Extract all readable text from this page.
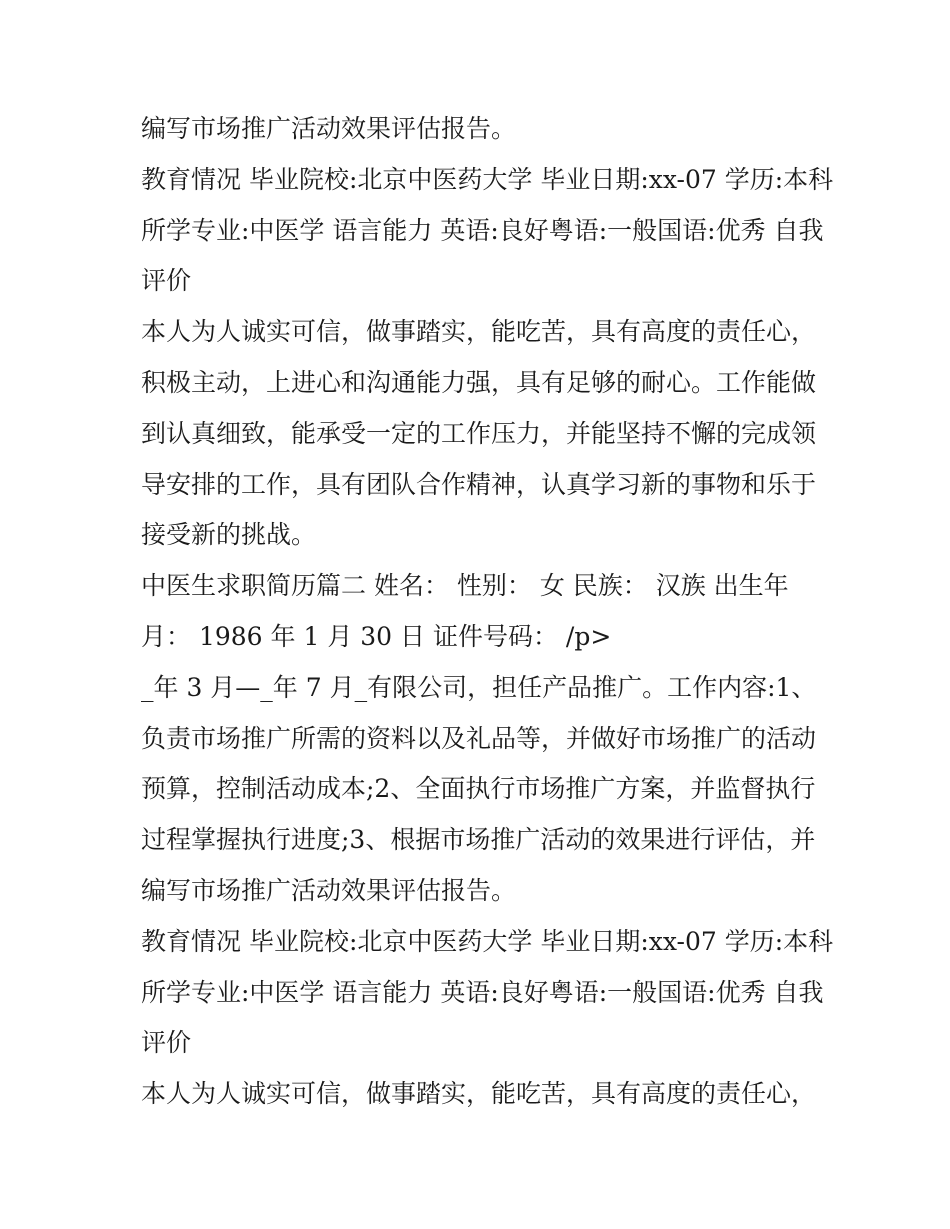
编写市场推广活动效果评估报告。
教育情况 毕业院校:北京中医药大学 毕业日期:xx-07 学历:本科
所学专业:中医学 语言能力 英语:良好粤语:一般国语:优秀 自我
评价
本人为人诚实可信，做事踏实，能吃苦，具有高度的责任心，
积极主动，上进心和沟通能力强，具有足够的耐心。工作能做
到认真细致，能承受一定的工作压力，并能坚持不懈的完成领
导安排的工作，具有团队合作精神，认真学习新的事物和乐于
接受新的挑战。
中医生求职简历篇二 姓名： 性别： 女 民族： 汉族 出生年
月： 1986 年 1 月 30 日 证件号码： /p>
_年 3 月—_年 7 月_有限公司，担任产品推广。工作内容:1、
负责市场推广所需的资料以及礼品等，并做好市场推广的活动
预算，控制活动成本;2、全面执行市场推广方案，并监督执行
过程掌握执行进度;3、根据市场推广活动的效果进行评估，并
编写市场推广活动效果评估报告。
教育情况 毕业院校:北京中医药大学 毕业日期:xx-07 学历:本科
所学专业:中医学 语言能力 英语:良好粤语:一般国语:优秀 自我
评价
本人为人诚实可信，做事踏实，能吃苦，具有高度的责任心，
